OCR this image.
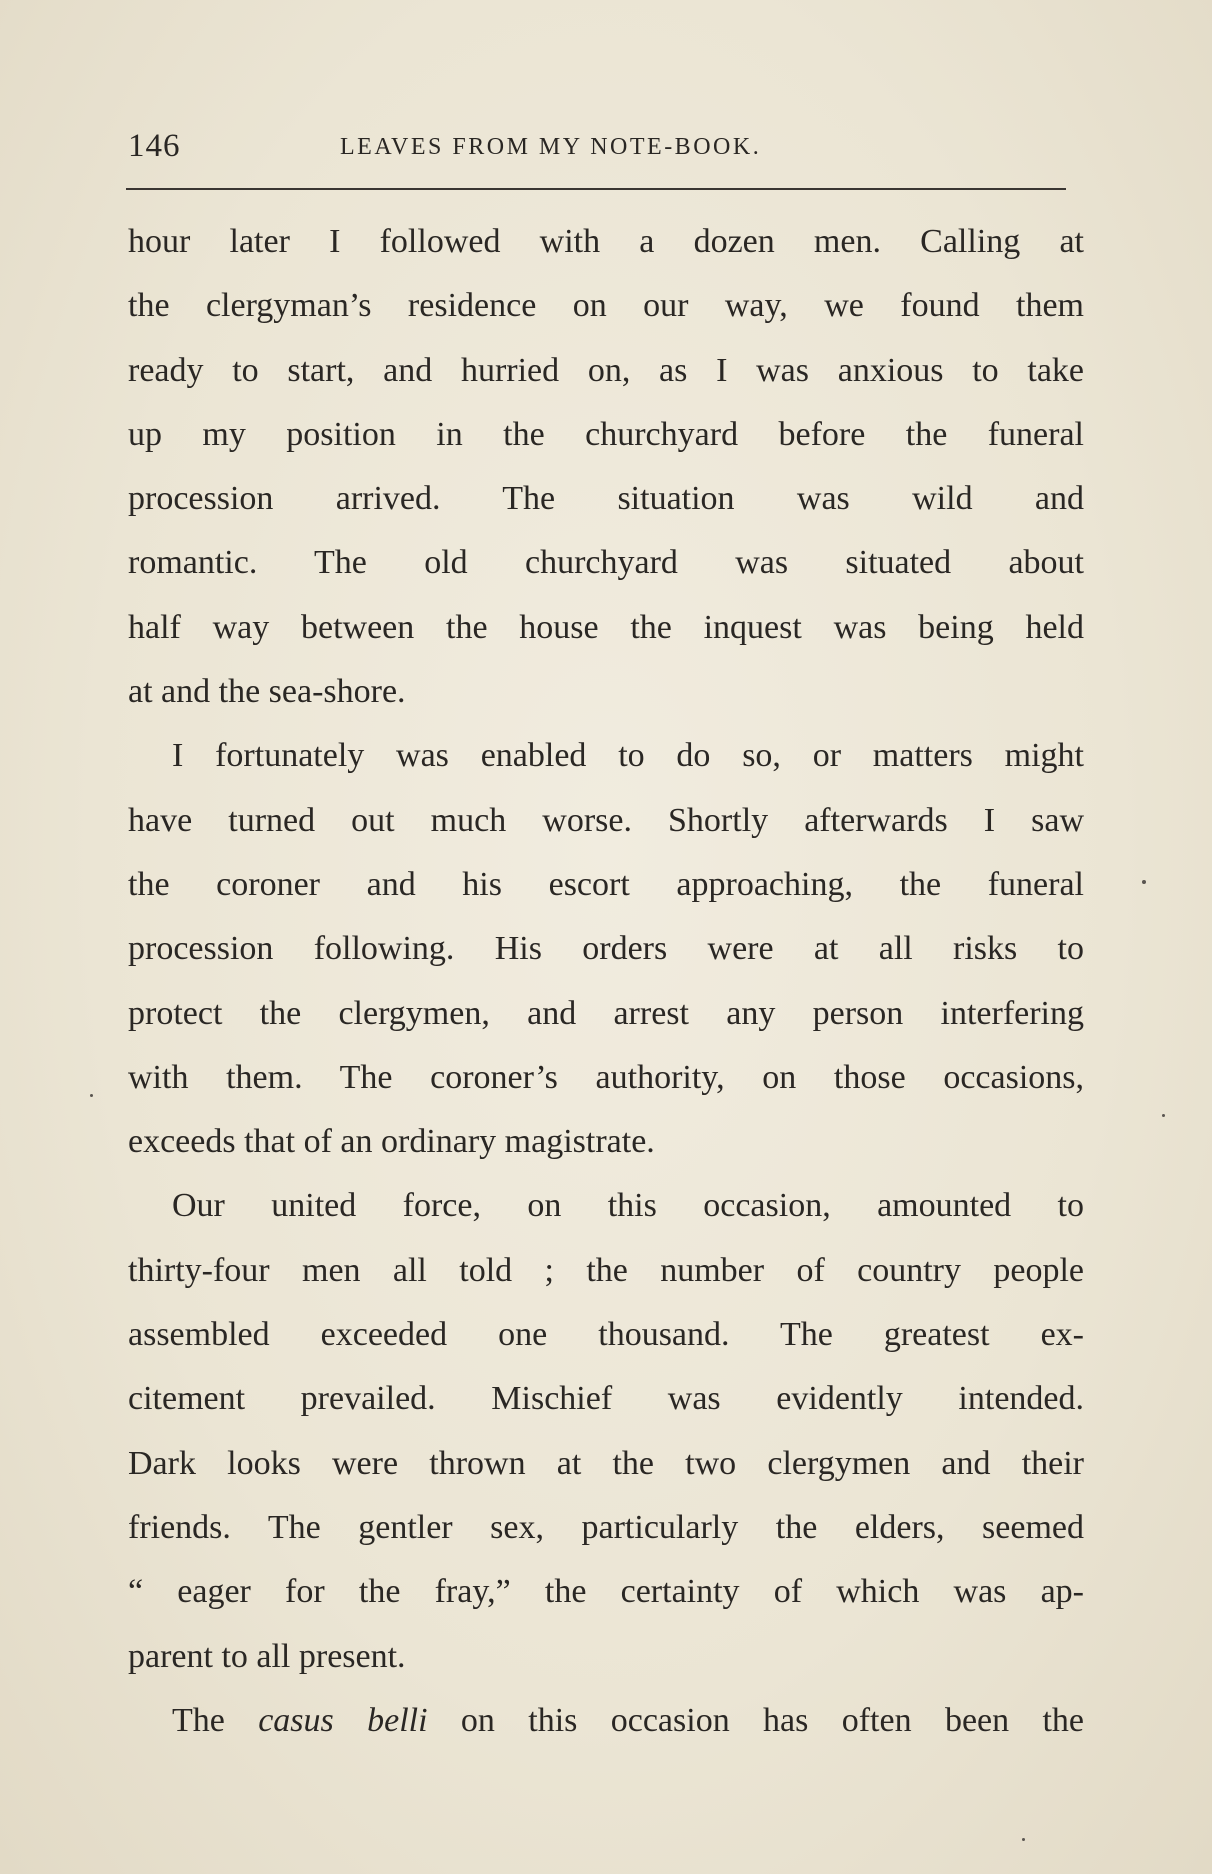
146	LEAVES FROM MY NOTE-BOOK.
hour later I followed with a dozen men. Calling at
the clergyman’s residence on our way, we found them
ready to start, and hurried on, as I was anxious to take
up my position in the churchyard before the funeral
procession arrived. The situation was wild and
romantic. The old churchyard was situated about
half way between the house the inquest was being held
at and the sea-shore.
I fortunately was enabled to do so, or matters might
have turned out much worse. Shortly afterwards I saw
the coroner and his escort approaching, the funeral
procession following. His orders were at all risks to
protect the clergymen, and arrest any person interfering
with them. The coroner’s authority, on those occasions,
exceeds that of an ordinary magistrate.
Our united force, on this occasion, amounted to
thirty-four men all told ; the number of country people
assembled exceeded one thousand. The greatest ex-
citement prevailed. Mischief was evidently intended.
Dark looks were thrown at the two clergymen and their
friends. The gentler sex, particularly the elders, seemed
“ eager for the fray,” the certainty of which was ap-
parent to all present.
The casus belli on this occasion has often been the
